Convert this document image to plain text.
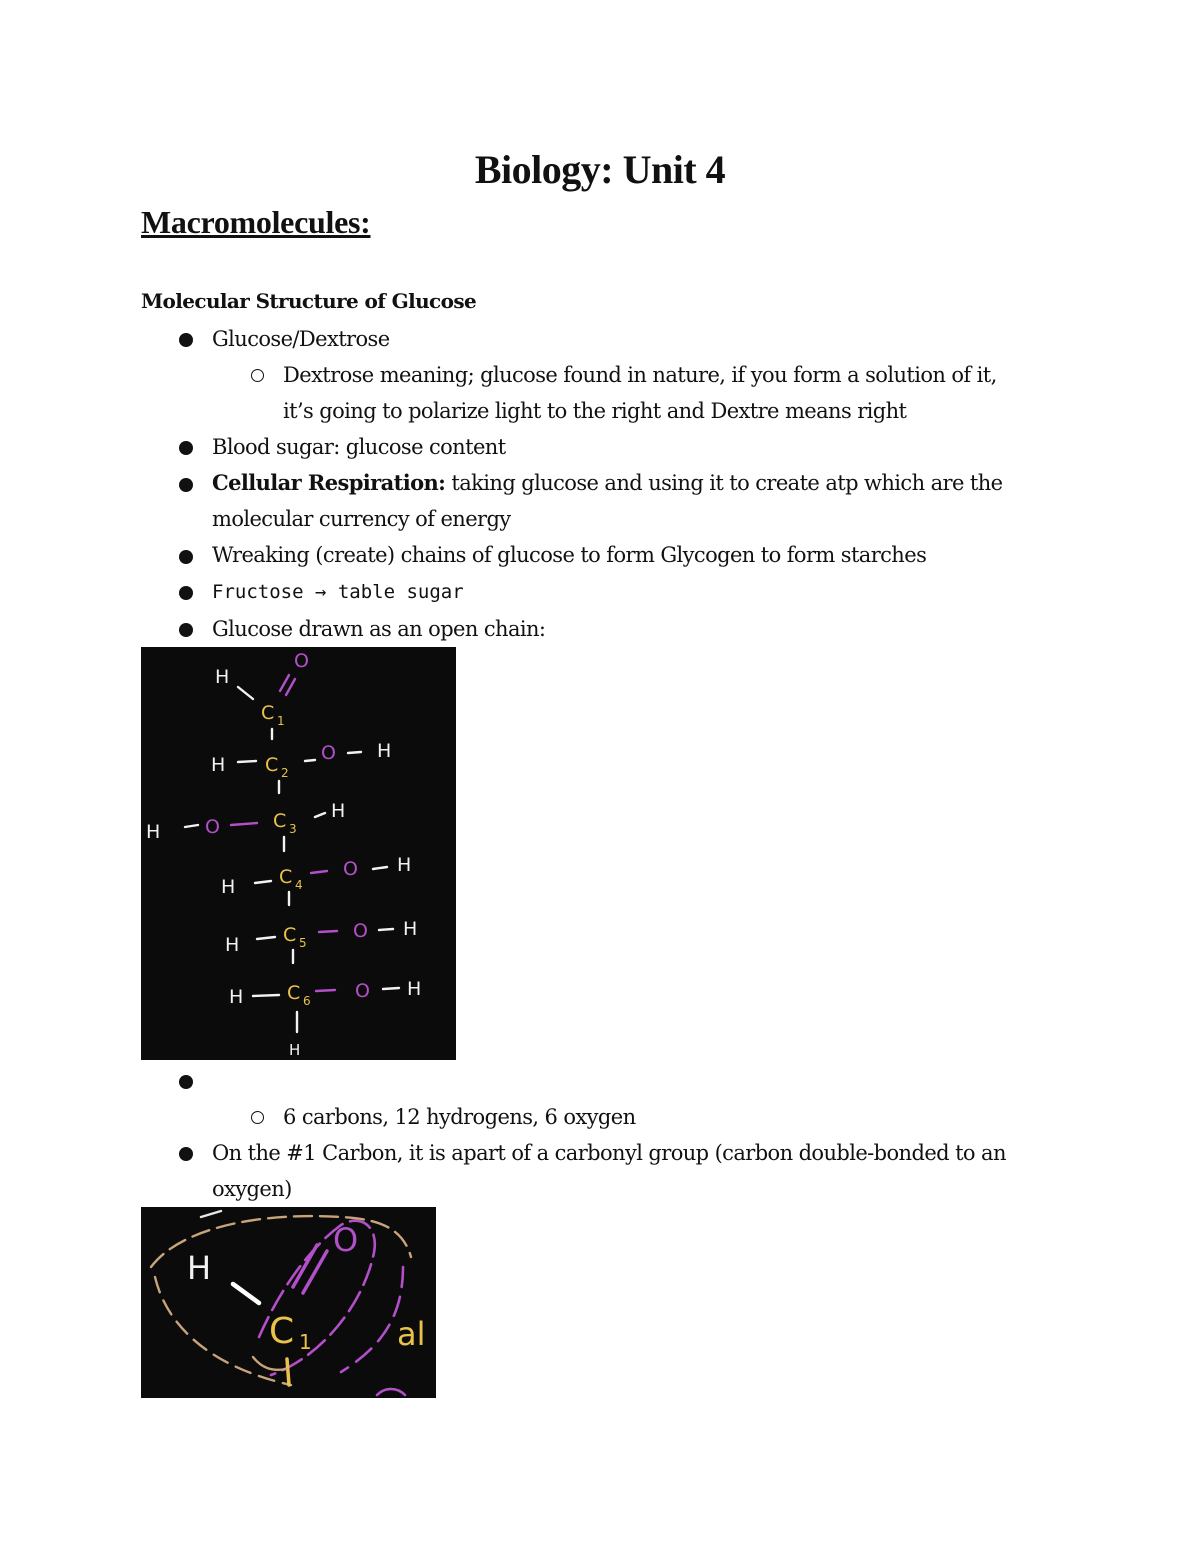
Biology: Unit 4
Macromolecules:
Molecular Structure of Glucose
Glucose/Dextrose
Dextrose meaning; glucose found in nature, if you form a solution of it,
it’s going to polarize light to the right and Dextre means right
Blood sugar: glucose content
Cellular Respiration: taking glucose and using it to create atp which are the
molecular currency of energy
Wreaking (create) chains of glucose to form Glycogen to form starches
Fructose → table sugar
Glucose drawn as an open chain:
H
O
C 1
H C 2
O H
H O	C 3
H
H C 4
O H
H C 5
O H
H C 6 O H
H
6 carbons, 12 hydrogens, 6 oxygen
On the #1 Carbon, it is apart of a carbonyl group (carbon double-bonded to an
oxygen)
H
O
C 1	al
